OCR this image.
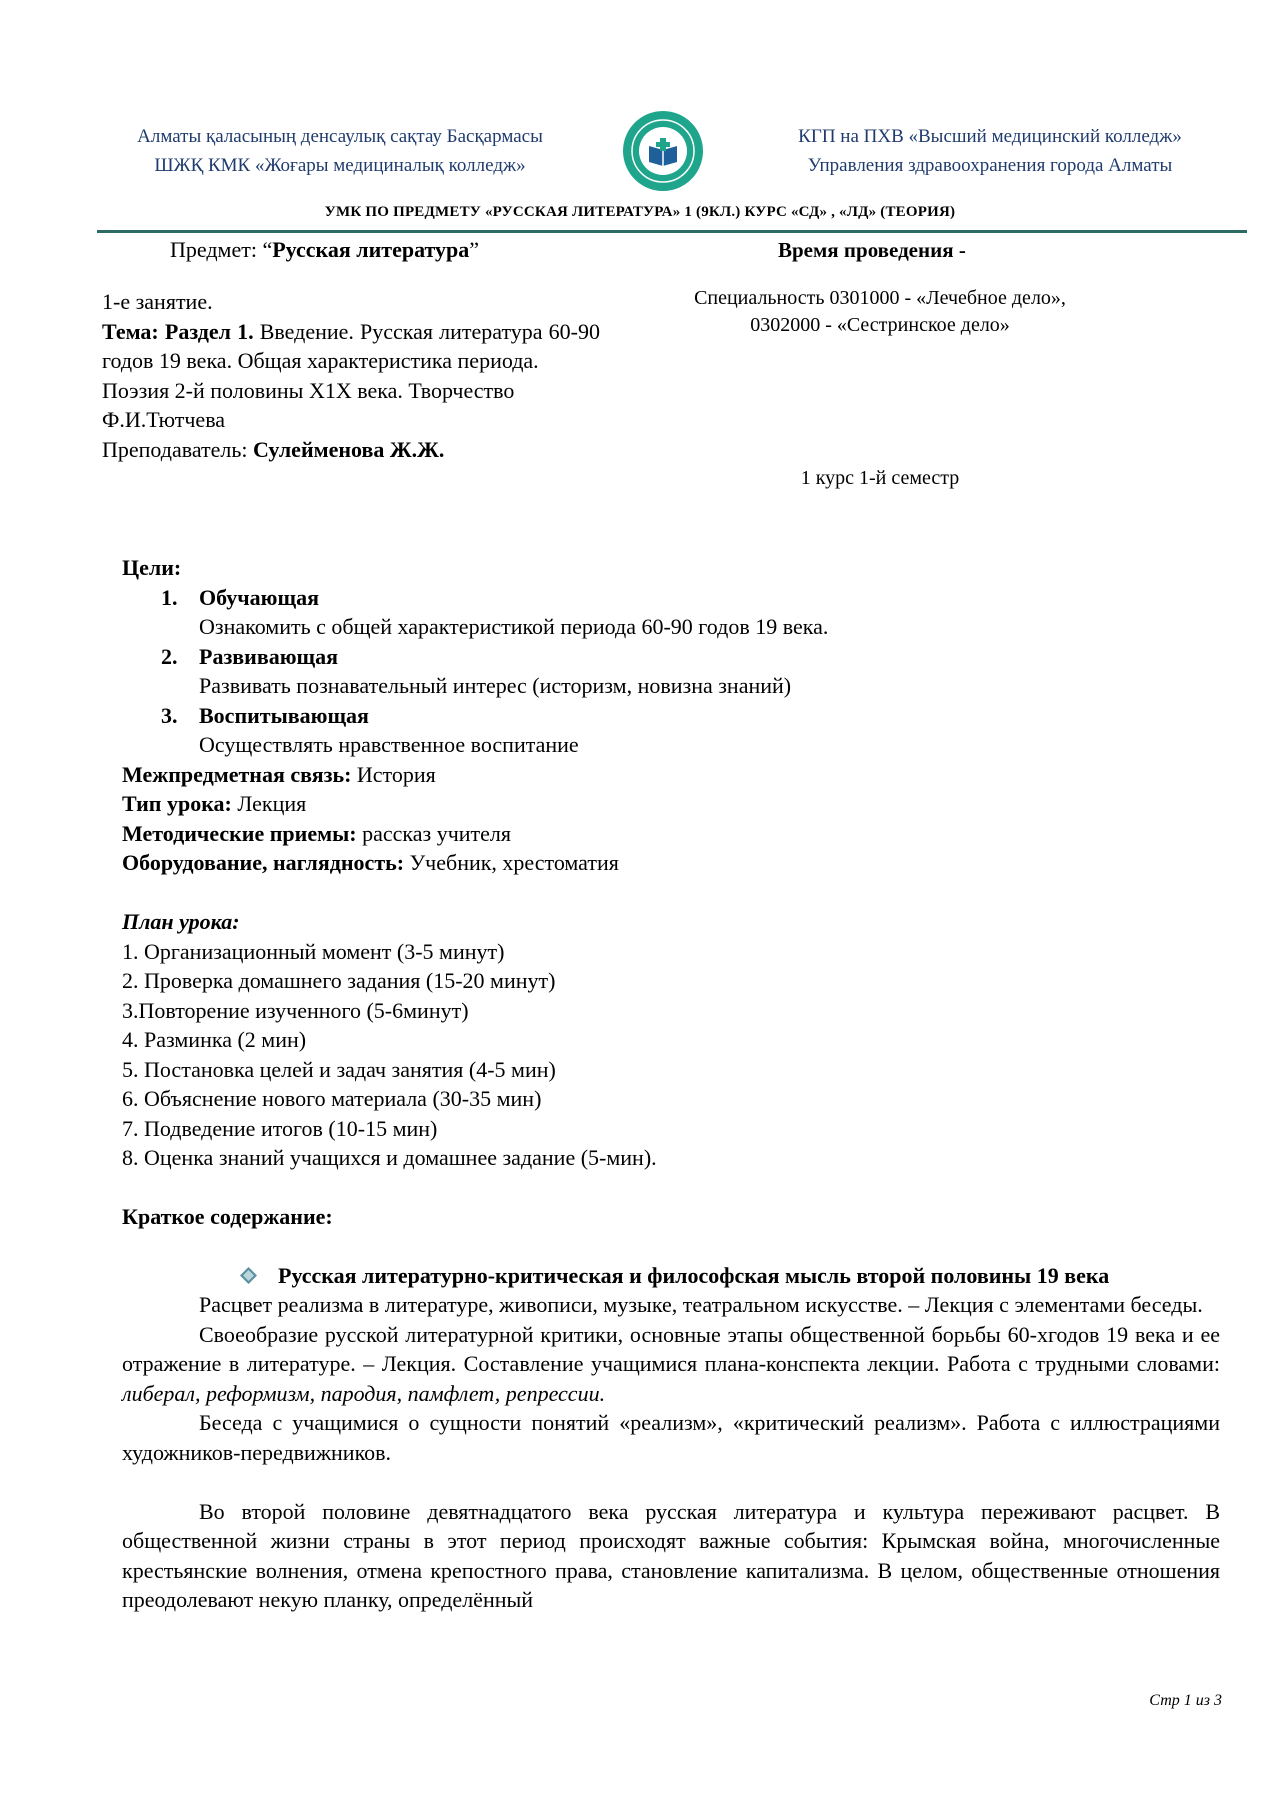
Алматы қаласының денсаулық сақтау Басқармасы
ШЖҚ КМК «Жоғары медициналық колледж»
КГП на ПХВ «Высший медицинский колледж»
Управления здравоохранения города Алматы
УМК ПО ПРЕДМЕТУ «РУССКАЯ ЛИТЕРАТУРА» 1 (9КЛ.) КУРС «СД» , «ЛД» (ТЕОРИЯ)
Предмет: “Русская литература”	Время проведения -

1-е занятие.

Тема: Раздел 1. Введение. Русская литература 60-90 годов 19 века. Общая характеристика периода.

Поэзия 2-й половины Х1Х века. Творчество Ф.И.Тютчева

Преподаватель: Сулейменова Ж.Ж.

Специальность 0301000 - «Лечебное дело»,
0302000 - «Сестринское дело»
1 курс 1-й семестр

Цели:

1. Обучающая
Ознакомить с общей характеристикой периода 60-90 годов 19 века.
2. Развивающая
Развивать познавательный интерес (историзм, новизна знаний)
3. Воспитывающая
Осуществлять нравственное воспитание

Межпредметная связь: История

Тип урока: Лекция

Методические приемы: рассказ учителя

Оборудование, наглядность: Учебник, хрестоматия

План урока:

1. Организационный момент (3-5 минут)

2. Проверка домашнего задания (15-20 минут)

3.Повторение изученного (5-6минут)

4. Разминка (2 мин)

5. Постановка целей и задач занятия (4-5 мин)

6. Объяснение нового материала (30-35 мин)

7. Подведение итогов (10-15 мин)

8. Оценка знаний учащихся и домашнее задание (5-мин).

Краткое содержание:

Русская литературно-критическая и философская мысль второй половины 19 века

Расцвет реализма в литературе, живописи, музыке, театральном искусстве. – Лекция с элементами беседы.

Своеобразие русской литературной критики, основные этапы общественной борьбы 60-хгодов 19 века и ее отражение в литературе. – Лекция. Составление учащимися плана-конспекта лекции. Работа с трудными словами: либерал, реформизм, пародия, памфлет, репрессии.

Беседа с учащимися о сущности понятий «реализм», «критический реализм». Работа с иллюстрациями художников-передвижников.

Во второй половине девятнадцатого века русская литература и культура переживают расцвет. В общественной жизни страны в этот период происходят важные события: Крымская война, многочисленные крестьянские волнения, отмена крепостного права, становление капитализма. В целом, общественные отношения преодолевают некую планку, определённый

Стр 1 из 3
